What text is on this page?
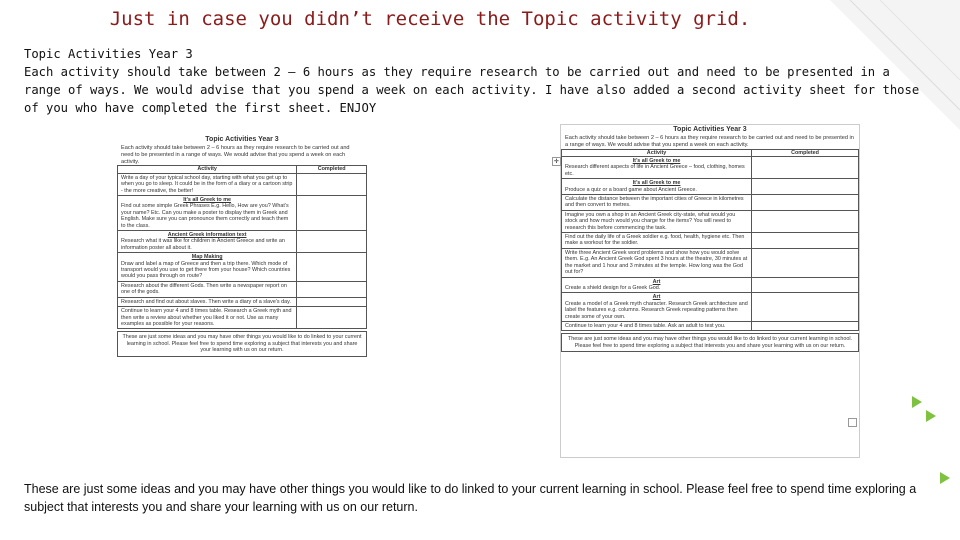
Just in case you didn’t receive the Topic activity grid.

Topic Activities Year 3

Each activity should take between 2 – 6 hours as they require research to be carried out and need to be presented in a range of ways. We would advise that you spend a week on each activity. I have also added a second activity sheet for those of you who have completed the first sheet. ENJOY

Topic Activities Year 3
Each activity should take between 2 – 6 hours as they require research to be carried out and need to be presented in a range of ways. We would advise that you spend a week on each activity.
Activity	Completed

Write a day of your typical school day, starting with what you get up to when you go to sleep. It could be in the form of a diary or a cartoon strip - the more creative, the better!	

It’s all Greek to me
Find out some simple Greek Phrases E.g. Hello, How are you? What’s your name? Etc. Can you make a poster to display them in Greek and English. Make sure you can pronounce them correctly and teach them to the class.	

Ancient Greek information text
Research what it was like for children in Ancient Greece and write an information poster all about it.	

Map Making
Draw and label a map of Greece and then a trip there. Which mode of transport would you use to get there from your house? Which countries would you pass through on route?	

Research about the different Gods. Then write a newspaper report on one of the gods.	

Research and find out about slaves. Then write a diary of a slave’s day.	

Continue to learn your 4 and 8 times table. Research a Greek myth and then write a review about whether you liked it or not. Use as many examples as possible for your reasons.	

These are just some ideas and you may have other things you would like to do linked to your current learning in school. Please feel free to spend time exploring a subject that interests you and share your learning with us on our return.
Topic Activities Year 3
Each activity should take between 2 – 6 hours as they require research to be carried out and need to be presented in a range of ways. We would advise that you spend a week on each activity.
Activity	Completed

It’s all Greek to me
Research different aspects of life in Ancient Greece – food, clothing, homes etc.	

It’s all Greek to me
Produce a quiz or a board game about Ancient Greece.	

Calculate the distance between the important cities of Greece in kilometres and then convert to metres.	

Imagine you own a shop in an Ancient Greek city-state, what would you stock and how much would you charge for the items? You will need to research this before commencing the task.	

Find out the daily life of a Greek soldier e.g. food, health, hygiene etc. Then make a workout for the soldier.	

Write three Ancient Greek word problems and show how you would solve them. E.g. An Ancient Greek God spent 3 hours at the theatre, 30 minutes at the market and 1 hour and 3 minutes at the temple. How long was the God out for?	

Art
Create a shield design for a Greek God.	

Art
Create a model of a Greek myth character. Research Greek architecture and label the features e.g. columns. Research Greek repeating patterns then create some of your own.	

Continue to learn your 4 and 8 times table. Ask an adult to test you.	

These are just some ideas and you may have other things you would like to do linked to your current learning in school. Please feel free to spend time exploring a subject that interests you and share your learning with us on our return.
✛
These are just some ideas and you may have other things you would like to do linked to your current learning in school. Please feel free to spend time exploring a subject that interests you and share your learning with us on our return.
